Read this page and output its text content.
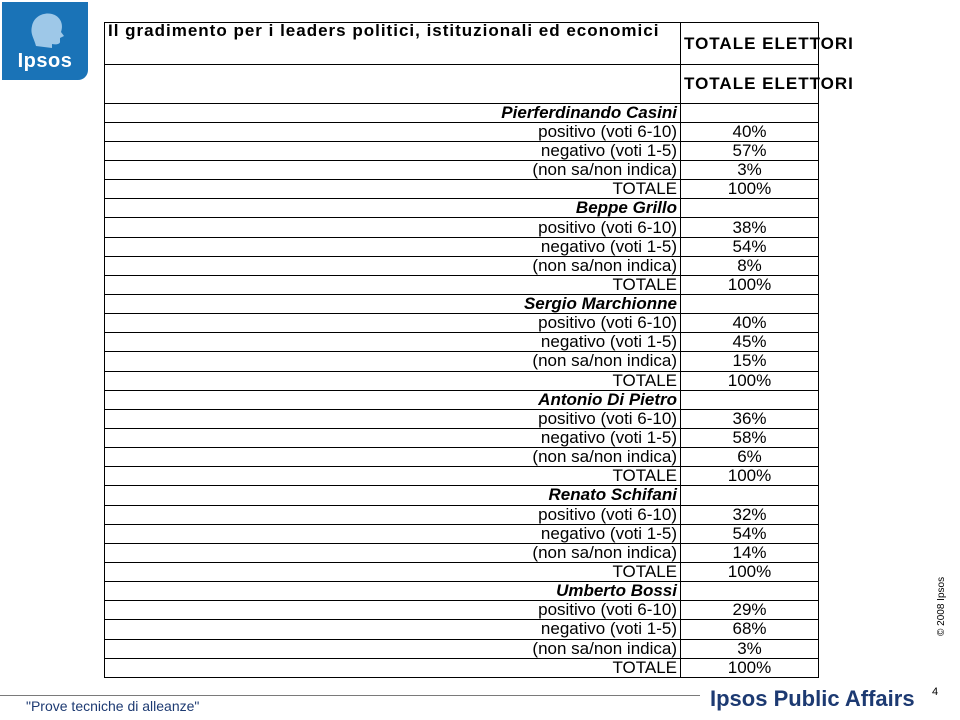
Ipsos
Il gradimento per i leaders politici, istituzionali ed economici	TOTALE ELETTORI
	TOTALE ELETTORI
Pierferdinando Casini	
positivo (voti 6-10)	40%
negativo (voti 1-5)	57%
(non sa/non indica)	3%
TOTALE	100%
Beppe Grillo	
positivo (voti 6-10)	38%
negativo (voti 1-5)	54%
(non sa/non indica)	8%
TOTALE	100%
Sergio Marchionne	
positivo (voti 6-10)	40%
negativo (voti 1-5)	45%
(non sa/non indica)	15%
TOTALE	100%
Antonio Di Pietro	
positivo (voti 6-10)	36%
negativo (voti 1-5)	58%
(non sa/non indica)	6%
TOTALE	100%
Renato Schifani	
positivo (voti 6-10)	32%
negativo (voti 1-5)	54%
(non sa/non indica)	14%
TOTALE	100%
Umberto Bossi	
positivo (voti 6-10)	29%
negativo (voti 1-5)	68%
(non sa/non indica)	3%
TOTALE	100%
© 2008 Ipsos
4
"Prove tecniche di alleanze"	Ipsos Public Affairs
